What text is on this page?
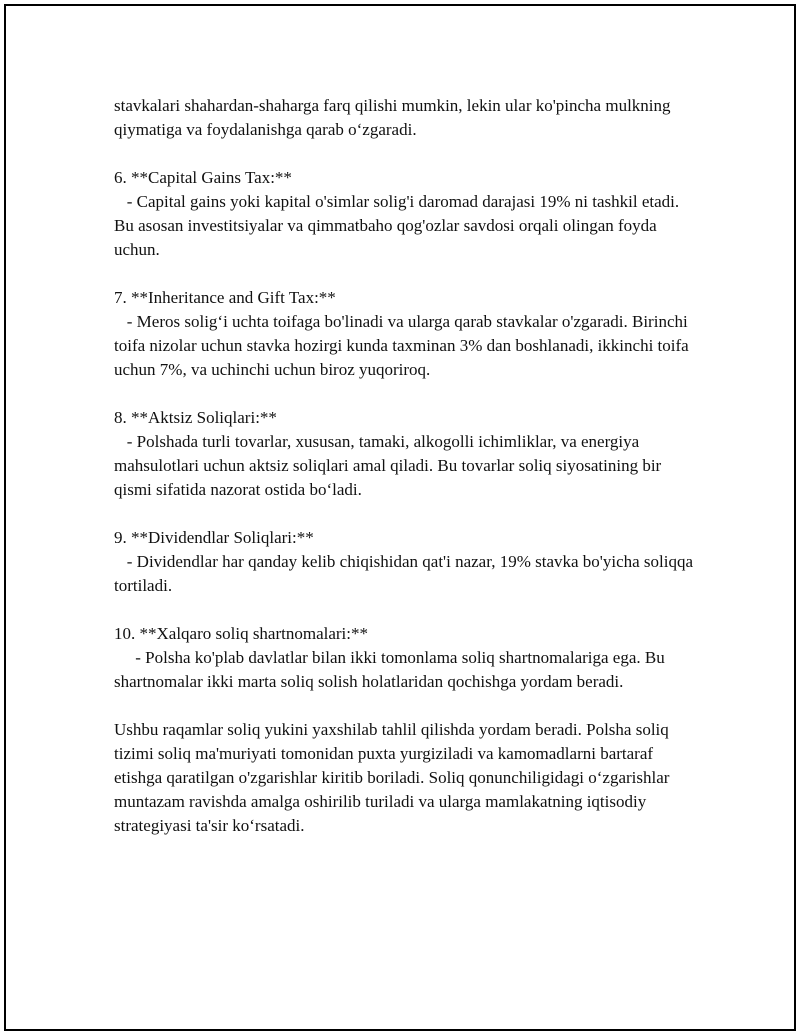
stavkalari shahardan-shaharga farq qilishi mumkin, lekin ular ko'pincha mulkning qiymatiga va foydalanishga qarab o‘zgaradi.

6. **Capital Gains Tax:**

- Capital gains yoki kapital o'simlar solig'i daromad darajasi 19% ni tashkil etadi. Bu asosan investitsiyalar va qimmatbaho qog'ozlar savdosi orqali olingan foyda uchun.

7. **Inheritance and Gift Tax:**

- Meros solig‘i uchta toifaga bo'linadi va ularga qarab stavkalar o'zgaradi. Birinchi toifa nizolar uchun stavka hozirgi kunda taxminan 3% dan boshlanadi, ikkinchi toifa uchun 7%, va uchinchi uchun biroz yuqoriroq.

8. **Aktsiz Soliqlari:**

- Polshada turli tovarlar, xususan, tamaki, alkogolli ichimliklar, va energiya mahsulotlari uchun aktsiz soliqlari amal qiladi. Bu tovarlar soliq siyosatining bir qismi sifatida nazorat ostida bo‘ladi.

9. **Dividendlar Soliqlari:**

- Dividendlar har qanday kelib chiqishidan qat'i nazar, 19% stavka bo'yicha soliqqa tortiladi.

10. **Xalqaro soliq shartnomalari:**

- Polsha ko'plab davlatlar bilan ikki tomonlama soliq shartnomalariga ega. Bu shartnomalar ikki marta soliq solish holatlaridan qochishga yordam beradi.

Ushbu raqamlar soliq yukini yaxshilab tahlil qilishda yordam beradi. Polsha soliq tizimi soliq ma'muriyati tomonidan puxta yurgiziladi va kamomadlarni bartaraf etishga qaratilgan o'zgarishlar kiritib boriladi. Soliq qonunchiligidagi o‘zgarishlar muntazam ravishda amalga oshirilib turiladi va ularga mamlakatning iqtisodiy strategiyasi ta'sir ko‘rsatadi.
